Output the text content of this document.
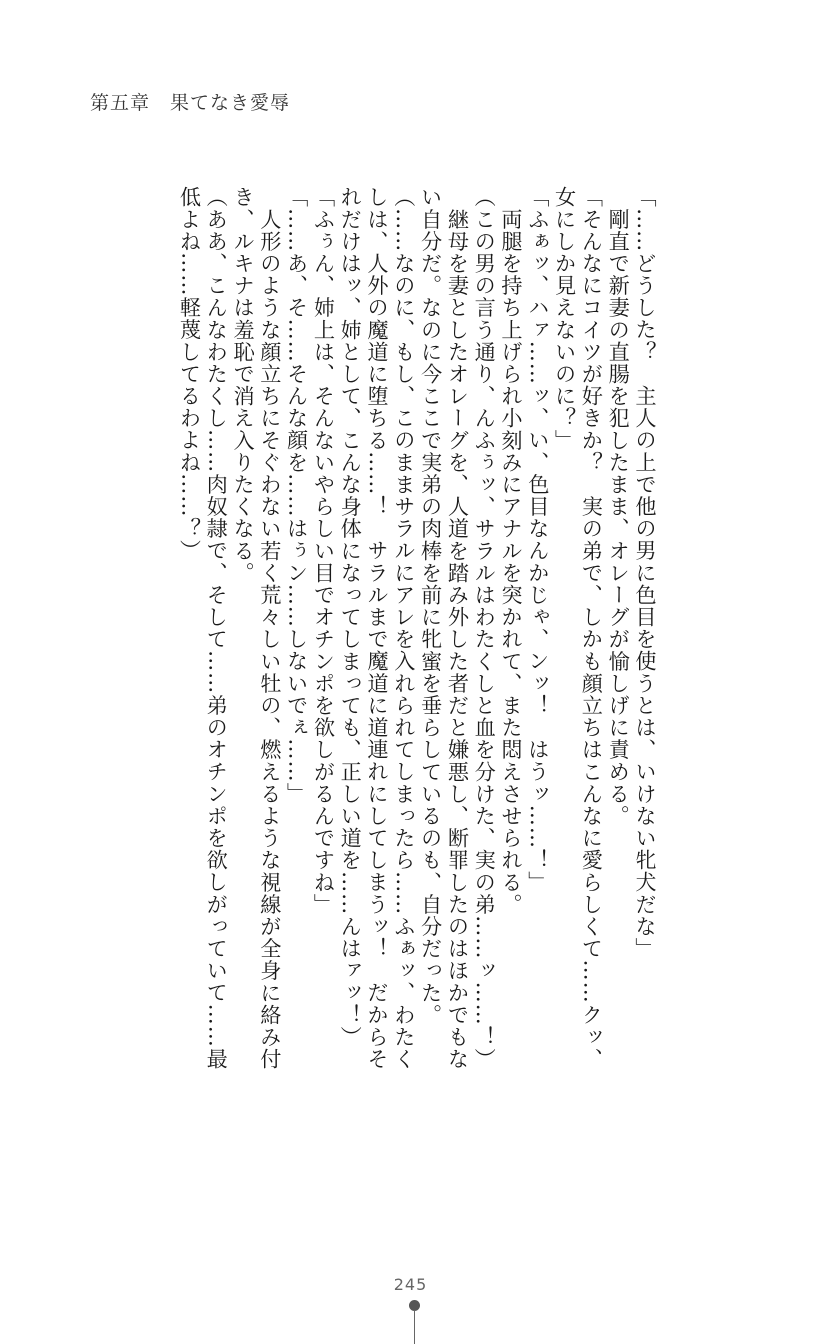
第五章　果てなき愛辱
「……どうした？　主人の上で他の男に色目を使うとは、いけない牝犬だな」
　剛直で新妻の直腸を犯したまま、オレーグが愉しげに責める。
「そんなにコイツが好きか？　実の弟で、しかも顔立ちはこんなに愛らしくて……クッ、
女にしか見えないのに？」
「ふぁッ、ハァ……ッ、い、色目なんかじゃ、ンッ！　はうッ……！」
　両腿を持ち上げられ小刻みにアナルを突かれて、また悶えさせられる。
（この男の言う通り、んふぅッ、サラルはわたくしと血を分けた、実の弟……ッ……！）
　継母を妻としたオレーグを、人道を踏み外した者だと嫌悪し、断罪したのはほかでもな
い自分だ。なのに今ここで実弟の肉棒を前に牝蜜を垂らしているのも、自分だった。
（……なのに、もし、このままサラルにアレを入れられてしまったら……ふぁッ、わたく
しは、人外の魔道に堕ちる……！　サラルまで魔道に道連れにしてしまうッ！　だからそ
れだけはッ、姉として、こんな身体になってしまっても、正しい道を……んはァッ！）
「ふぅん、姉上は、そんないやらしい目でオチンポを欲しがるんですね」
「……あ、そ……そんな顔を……はぅン……しないでぇ……」
　人形のような顔立ちにそぐわない若く荒々しい牡の、燃えるような視線が全身に絡み付
き、ルキナは羞恥で消え入りたくなる。
（ああ、こんなわたくし……肉奴隷で、そして……弟のオチンポを欲しがっていて……最
低よね……軽蔑してるわよね……？）
245
